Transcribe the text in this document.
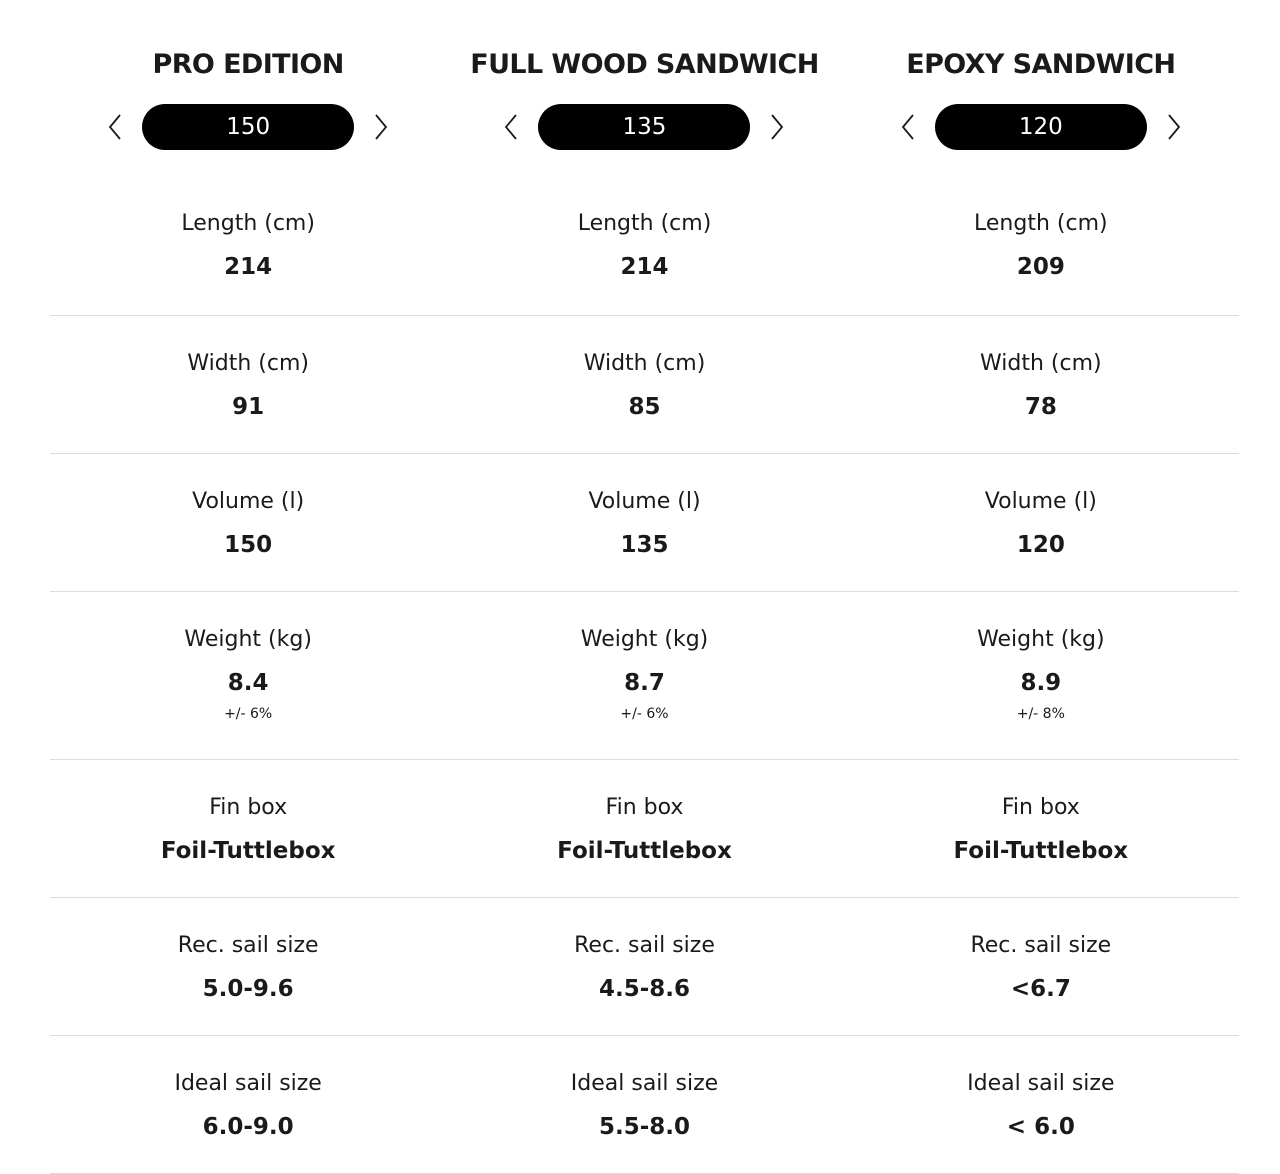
PRO EDITION
150
FULL WOOD SANDWICH
135
EPOXY SANDWICH
120
Length (cm)
214
Length (cm)
214
Length (cm)
209
Width (cm)
91
Width (cm)
85
Width (cm)
78
Volume (l)
150
Volume (l)
135
Volume (l)
120
Weight (kg)
8.4
+/- 6%
Weight (kg)
8.7
+/- 6%
Weight (kg)
8.9
+/- 8%
Fin box
Foil-Tuttlebox
Fin box
Foil-Tuttlebox
Fin box
Foil-Tuttlebox
Rec. sail size
5.0-9.6
Rec. sail size
4.5-8.6
Rec. sail size
<6.7
Ideal sail size
6.0-9.0
Ideal sail size
5.5-8.0
Ideal sail size
< 6.0
